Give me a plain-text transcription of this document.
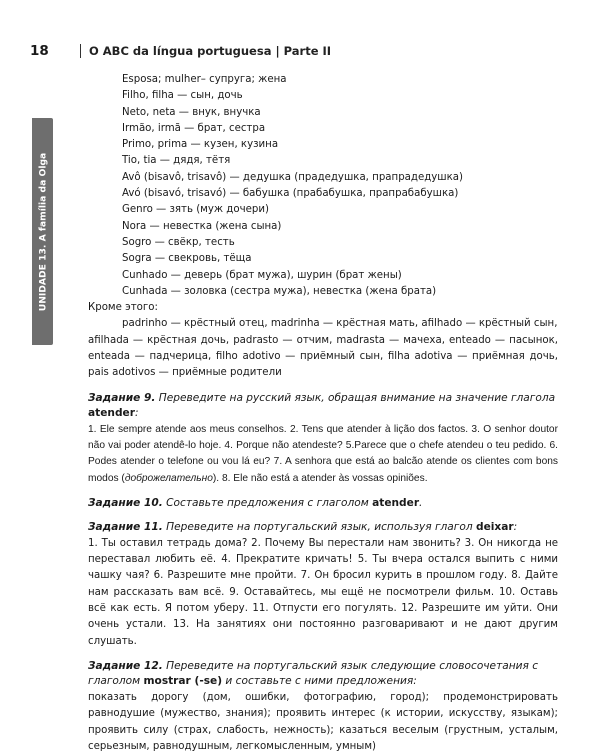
18	O ABC da língua portuguesa | Parte II
UNIDADE 13. A família da Olga
Esposa; mulher– супруга; жена
Filho, filha — сын, дочь
Neto, neta — внук, внучка
Irmão, irmã — брат, сестра
Primo, prima — кузен, кузина
Tio, tia — дядя, тётя
Avô (bisavô, trisavô) — дедушка (прадедушка, прапрадедушка)
Avó (bisavó, trisavó) — бабушка (прабабушка, прапрабабушка)
Genro — зять (муж дочери)
Nora — невестка (жена сына)
Sogro — свёкр, тесть
Sogra — свекровь, тёща
Cunhado — деверь (брат мужа), шурин (брат жены)
Cunhada — золовка (сестра мужа), невестка (жена брата)
Кроме этого:
padrinho — крёстный отец, madrinha — крёстная мать, afilhado — крёстный сын,
afilhada — крёстная дочь, padrasto — отчим, madrasta — мачеха, enteado — пасынок, enteada — падчерица, filho adotivo — приёмный сын, filha adotiva — приёмная дочь, pais adotivos — приёмные родители
Задание 9. Переведите на русский язык, обращая внимание на значение глагола atender:
1. Ele sempre atende aos meus conselhos. 2. Tens que atender à lição dos factos. 3. O senhor doutor não vai poder atendê-lo hoje. 4. Porque não atendeste? 5.Parece que o chefe atendeu o teu pedido. 6. Podes atender o telefone ou vou lá eu? 7. A senhora que está ao balcão atende os clientes com bons modos (доброжелательно). 8. Ele não está a atender às vossas opiniões.
Задание 10. Составьте предложения с глаголом atender.
Задание 11. Переведите на португальский язык, используя глагол deixar:
1. Ты оставил тетрадь дома? 2. Почему Вы перестали нам звонить? 3. Он никогда не переставал любить её. 4. Прекратите кричать! 5. Ты вчера остался выпить с ними чашку чая? 6. Разрешите мне пройти. 7. Он бросил курить в прошлом году. 8. Дайте нам рассказать вам всё. 9. Оставайтесь, мы ещё не посмотрели фильм. 10. Оставь всё как есть. Я потом уберу. 11. Отпусти его погулять. 12. Разрешите им уйти. Они очень устали. 13. На занятиях они постоянно разговаривают и не дают другим слушать.
Задание 12. Переведите на португальский язык следующие словосочетания с глаголом mostrar (-se) и составьте с ними предложения:
показать дорогу (дом, ошибки, фотографию, город); продемонстрировать равнодушие (мужество, знания); проявить интерес (к истории, искусству, языкам); проявить силу (страх, слабость, нежность); казаться веселым (грустным, усталым, серьезным, равнодушным, легкомысленным, умным)
